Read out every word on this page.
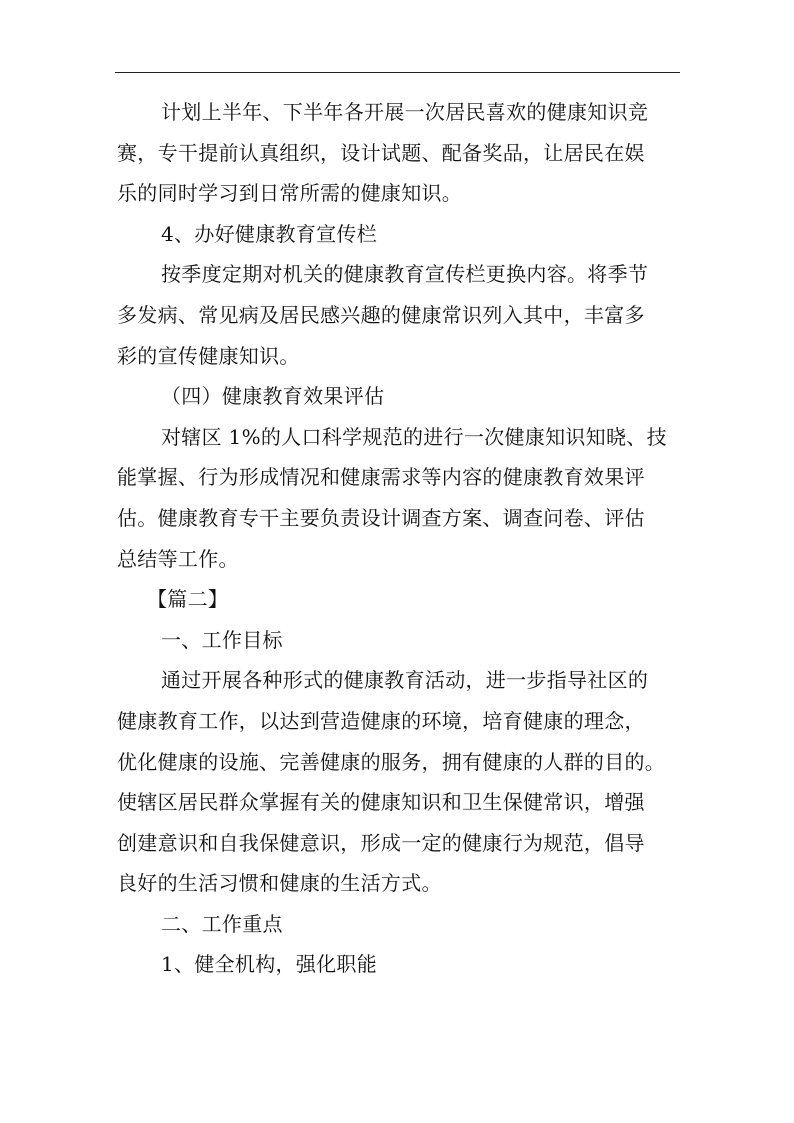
计划上半年、下半年各开展一次居民喜欢的健康知识竞
赛，专干提前认真组织，设计试题、配备奖品，让居民在娱
乐的同时学习到日常所需的健康知识。
4、办好健康教育宣传栏
按季度定期对机关的健康教育宣传栏更换内容。将季节
多发病、常见病及居民感兴趣的健康常识列入其中，丰富多
彩的宣传健康知识。
（四）健康教育效果评估
对辖区 1%的人口科学规范的进行一次健康知识知晓、技
能掌握、行为形成情况和健康需求等内容的健康教育效果评
估。健康教育专干主要负责设计调查方案、调查问卷、评估
总结等工作。
【篇二】
一、工作目标
通过开展各种形式的健康教育活动，进一步指导社区的
健康教育工作，以达到营造健康的环境，培育健康的理念，
优化健康的设施、完善健康的服务，拥有健康的人群的目的。
使辖区居民群众掌握有关的健康知识和卫生保健常识，增强
创建意识和自我保健意识，形成一定的健康行为规范，倡导
良好的生活习惯和健康的生活方式。
二、工作重点
1、健全机构，强化职能
